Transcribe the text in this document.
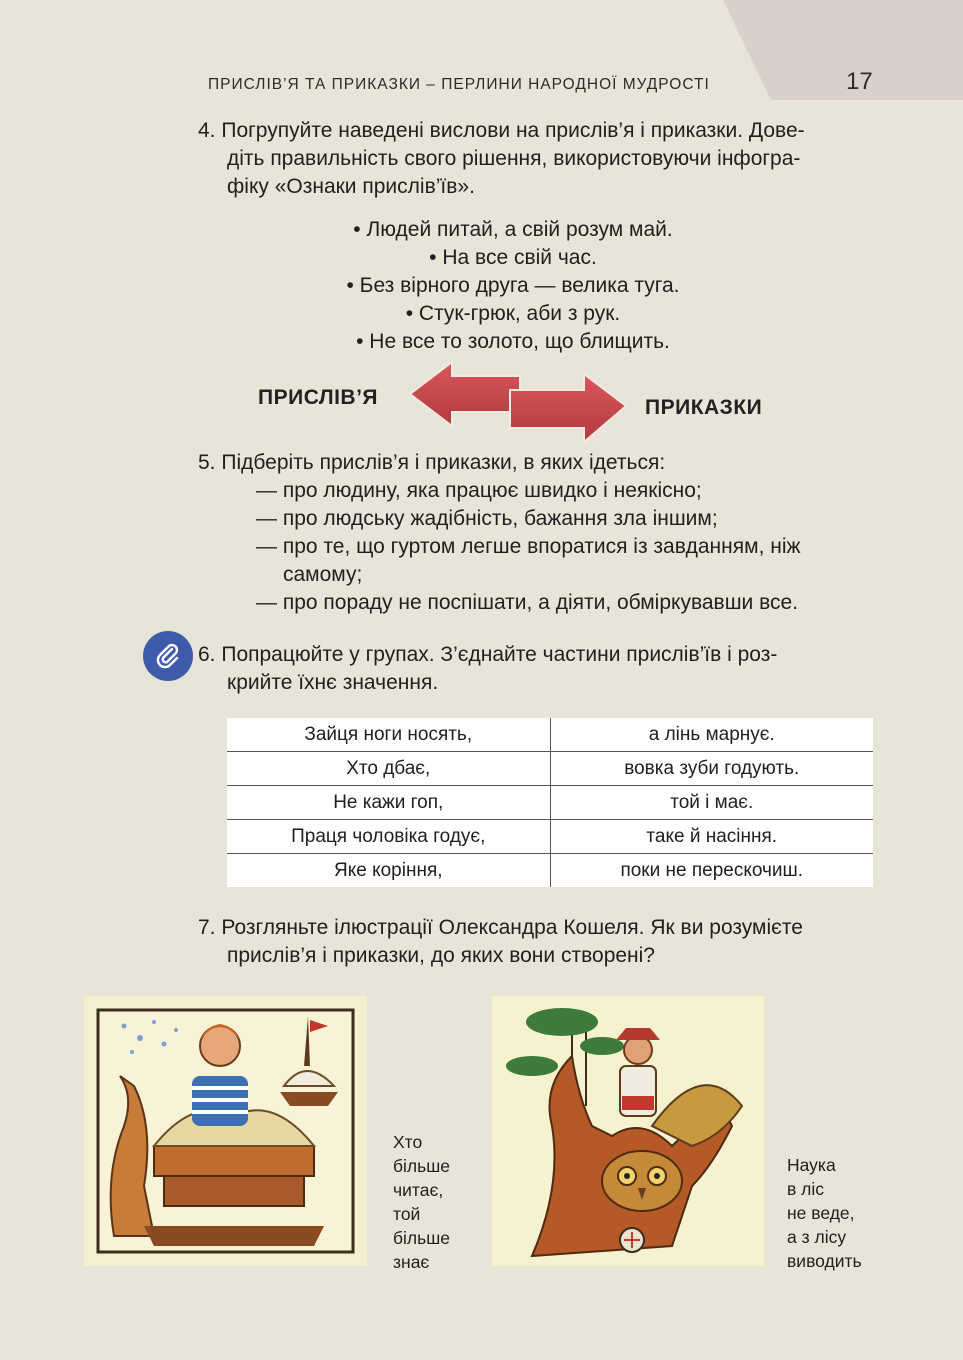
ПРИСЛІВ’Я ТА ПРИКАЗКИ – ПЕРЛИНИ НАРОДНОЇ МУДРОСТІ	17

4. Погрупуйте наведені вислови на прислів’я і приказки. Дове-

діть правильність свого рішення, використовуючи інфогра-

фіку «Ознаки прислів’їв».

• Людей питай, а свій розум май.
• На все свій час.
• Без вірного друга — велика туга.
• Стук-грюк, аби з рук.
• Не все то золото, що блищить.
ПРИСЛІВ’Я	ПРИКАЗКИ

5. Підберіть прислів’я і приказки, в яких ідеться:

— про людину, яка працює швидко і неякісно;
— про людську жадібність, бажання зла іншим;
— про те, що гуртом легше впоратися із завданням, ніж
самому;
— про пораду не поспішати, а діяти, обміркувавши все.

6. Попрацюйте у групах. З’єднайте частини прислів’їв і роз-

крийте їхнє значення.

Зайця ноги носять,	а лінь марнує.
Хто дбає,	вовка зуби годують.
Не кажи гоп,	той і має.
Праця чоловіка годує,	таке й насіння.
Яке коріння,	поки не перескочиш.

7. Розгляньте ілюстрації Олександра Кошеля. Як ви розумієте

прислів’я і приказки, до яких вони створені?

Хто
більше
читає,
той
більше
знає
Наука
в ліс
не веде,
а з лісу
виводить
